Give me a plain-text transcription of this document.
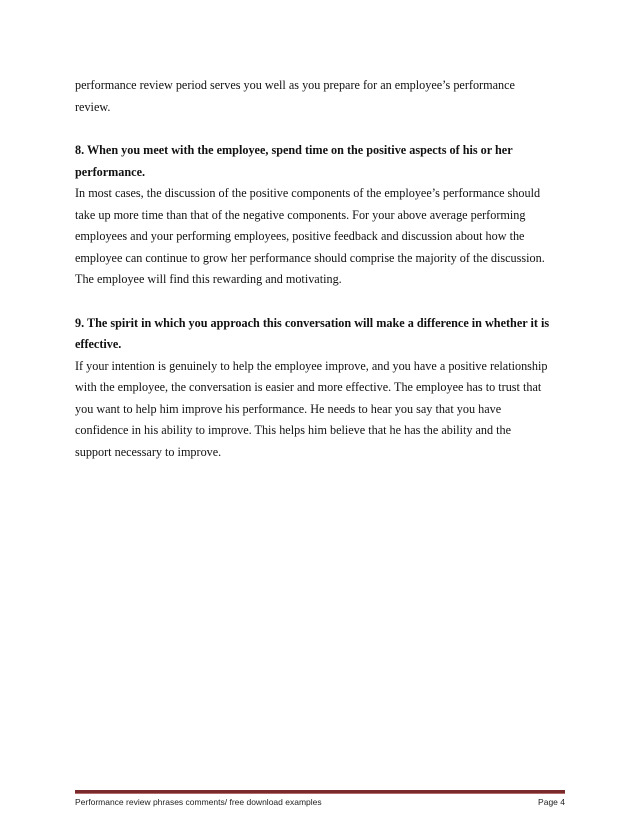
performance review period serves you well as you prepare for an employee’s performance
review.
8. When you meet with the employee, spend time on the positive aspects of his or her
performance.
In most cases, the discussion of the positive components of the employee’s performance should
take up more time than that of the negative components. For your above average performing
employees and your performing employees, positive feedback and discussion about how the
employee can continue to grow her performance should comprise the majority of the discussion.
The employee will find this rewarding and motivating.
9. The spirit in which you approach this conversation will make a difference in whether it is
effective.
If your intention is genuinely to help the employee improve, and you have a positive relationship
with the employee, the conversation is easier and more effective. The employee has to trust that
you want to help him improve his performance. He needs to hear you say that you have
confidence in his ability to improve. This helps him believe that he has the ability and the
support necessary to improve.
Performance review phrases comments/ free download examples	Page 4
